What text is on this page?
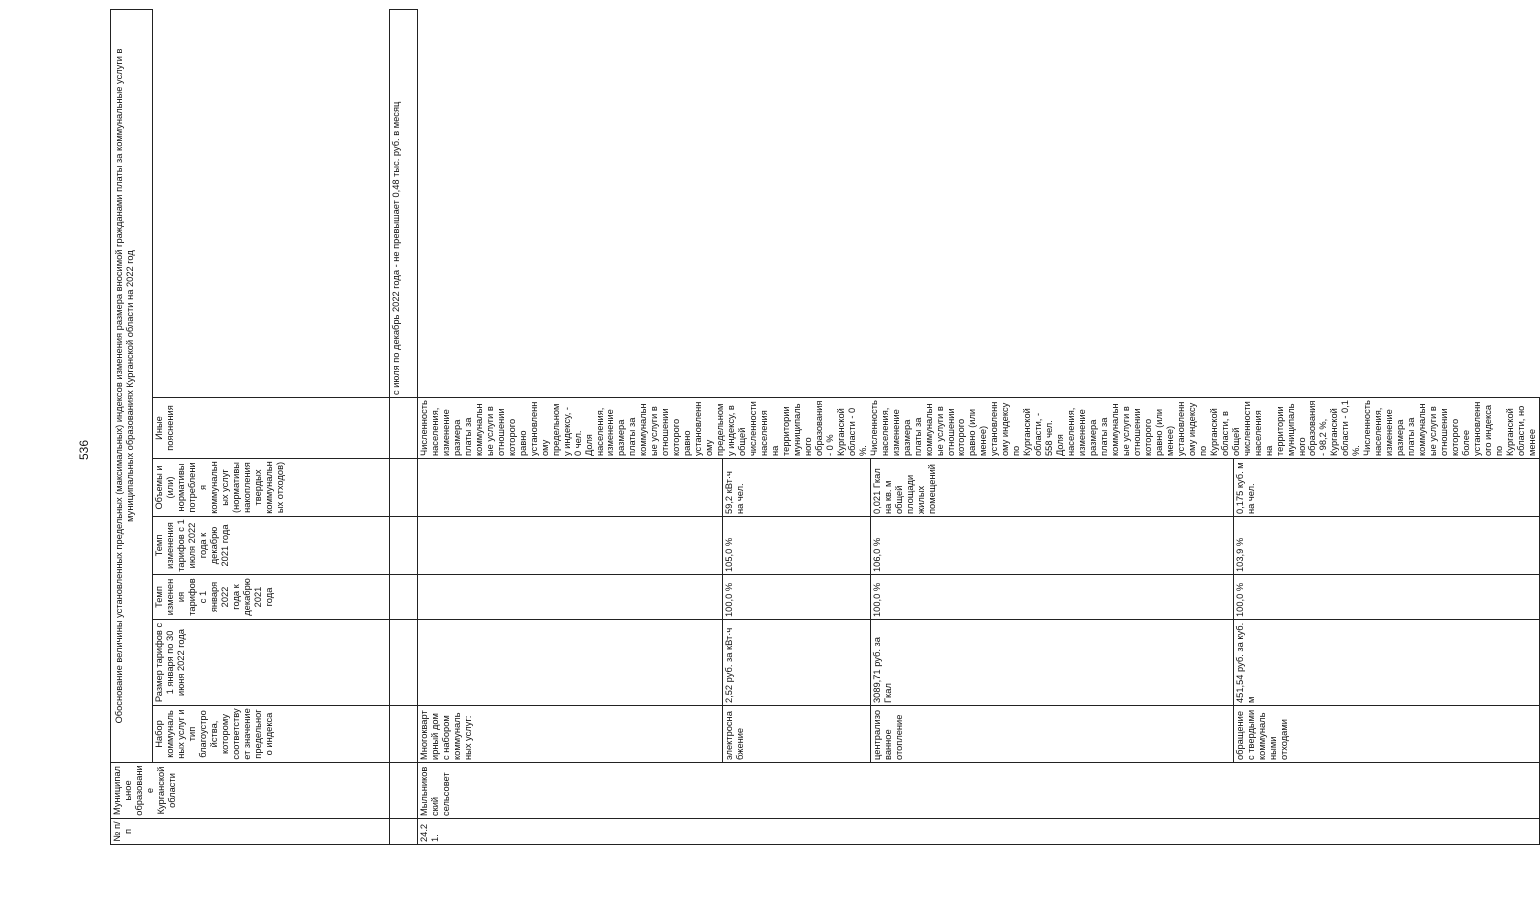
536
№ п/п	Муниципальное образование Курганской области	Обоснование величины установленных предельных (максимальных) индексов изменения размера вносимой гражданами платы за коммунальные услуги в муниципальных образованиях Курганской области на 2022 год						
		Набор коммунальных услуг и тип благоустройства, которому соответствует значение предельного индекса	Размер тарифов с 1 января по 30 июня 2022 года	Темп изменения тарифов с 1 января 2022 года к декабрю 2021 года	Темп изменения тарифов с 1 июля 2022 года к декабрю 2021 года	Объемы и (или) нормативы потребления коммунальных услуг (нормативы накопления твердых коммунальных отходов)	Иные пояснения	
								с июля по декабрь 2022 года - не превышает 0,48 тыс. руб. в месяц
24.21.	Мыльниковский сельсовет	Многоквартирный дом с набором коммунальных услуг:					Численность населения, изменение размера платы за коммунальные услуги в отношении которого равно установленному предельному индексу, - 0 чел. Доля населения, изменение размера платы за коммунальные услуги в отношении которого равно установленному предельному индексу, в общей численности населения на территории муниципального образования - 0 % Курганской области - 0 %. Численность населения, изменение размера платы за коммунальные услуги в отношении которого равно (или менее) установленному индексу по Курганской области, - 558 чел. Доля населения, изменение размера платы за коммунальные услуги в отношении которого равно (или менее) установленному индексу по Курганской области, в общей численности населения на территории муниципального образования - 98,2 %, Курганской области - 0,1 %. Численность населения, изменение размера платы за коммунальные услуги в отношении которого более установленного индекса по Курганской области, но менее	

		электроснабжение	2,52 руб. за кВт·ч	100,0 %	105,0 %	59,2 кВт·ч на чел.		
		централизованное отопление	3089,71 руб. за Гкал	100,0 %	106,0 %	0,021 Гкал на кв. м общей площади жилых помещений		
		обращение с твердыми коммунальными отходами	451,54 руб. за куб. м	100,0 %	103,9 %	0,175 куб. м на чел.		
